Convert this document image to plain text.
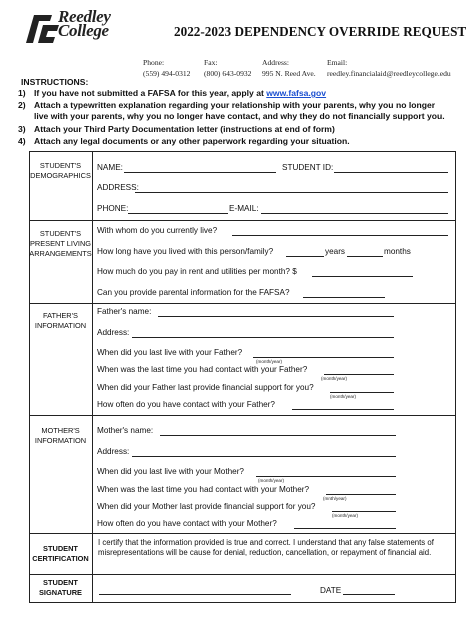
Reedley
College	2022-2023 DEPENDENCY OVERRIDE REQUEST
Phone:
(559) 494-0312
Fax:
(800) 643-0932
Address:
995 N. Reed Ave.
Email:
reedley.financialaid@reedleycollege.edu
INSTRUCTIONS:
1) If you have not submitted a FAFSA for this year, apply at www.fafsa.gov
2) Attach a typewritten explanation regarding your relationship with your parents, why you no longer
live with your parents, why you no longer have contact, and why they do not financially support you.
3) Attach your Third Party Documentation letter (instructions at end of form)
4) Attach any legal documents or any other paperwork regarding your situation.
STUDENT'S
DEMOGRAPHICS
NAME:	STUDENT ID:
ADDRESS:
PHONE:	E-MAIL:
STUDENT'S
PRESENT LIVING
ARRANGEMENTS
With whom do you currently live?
How long have you lived with this person/family?	years	months
How much do you pay in rent and utilities per month? $
Can you provide parental information for the FAFSA?
FATHER'S
INFORMATION
Father's name:
Address:
When did you last live with your Father?
(month/year)
When was the last time you had contact with your Father?
(month/year)
When did your Father last provide financial support for you?
(month/year)
How often do you have contact with your Father?
MOTHER'S
INFORMATION
Mother's name:
Address:
When did you last live with your Mother?
(month/year)
When was the last time you had contact with your Mother?
(mnth/year)
When did your Mother last provide financial support for you?
(month/year)
How often do you have contact with your Mother?
STUDENT
CERTIFICATION
I certify that the information provided is true and correct. I understand that any false statements of misrepresentations will be cause for denial, reduction, cancellation, or repayment of financial aid.
STUDENT
SIGNATURE	DATE
